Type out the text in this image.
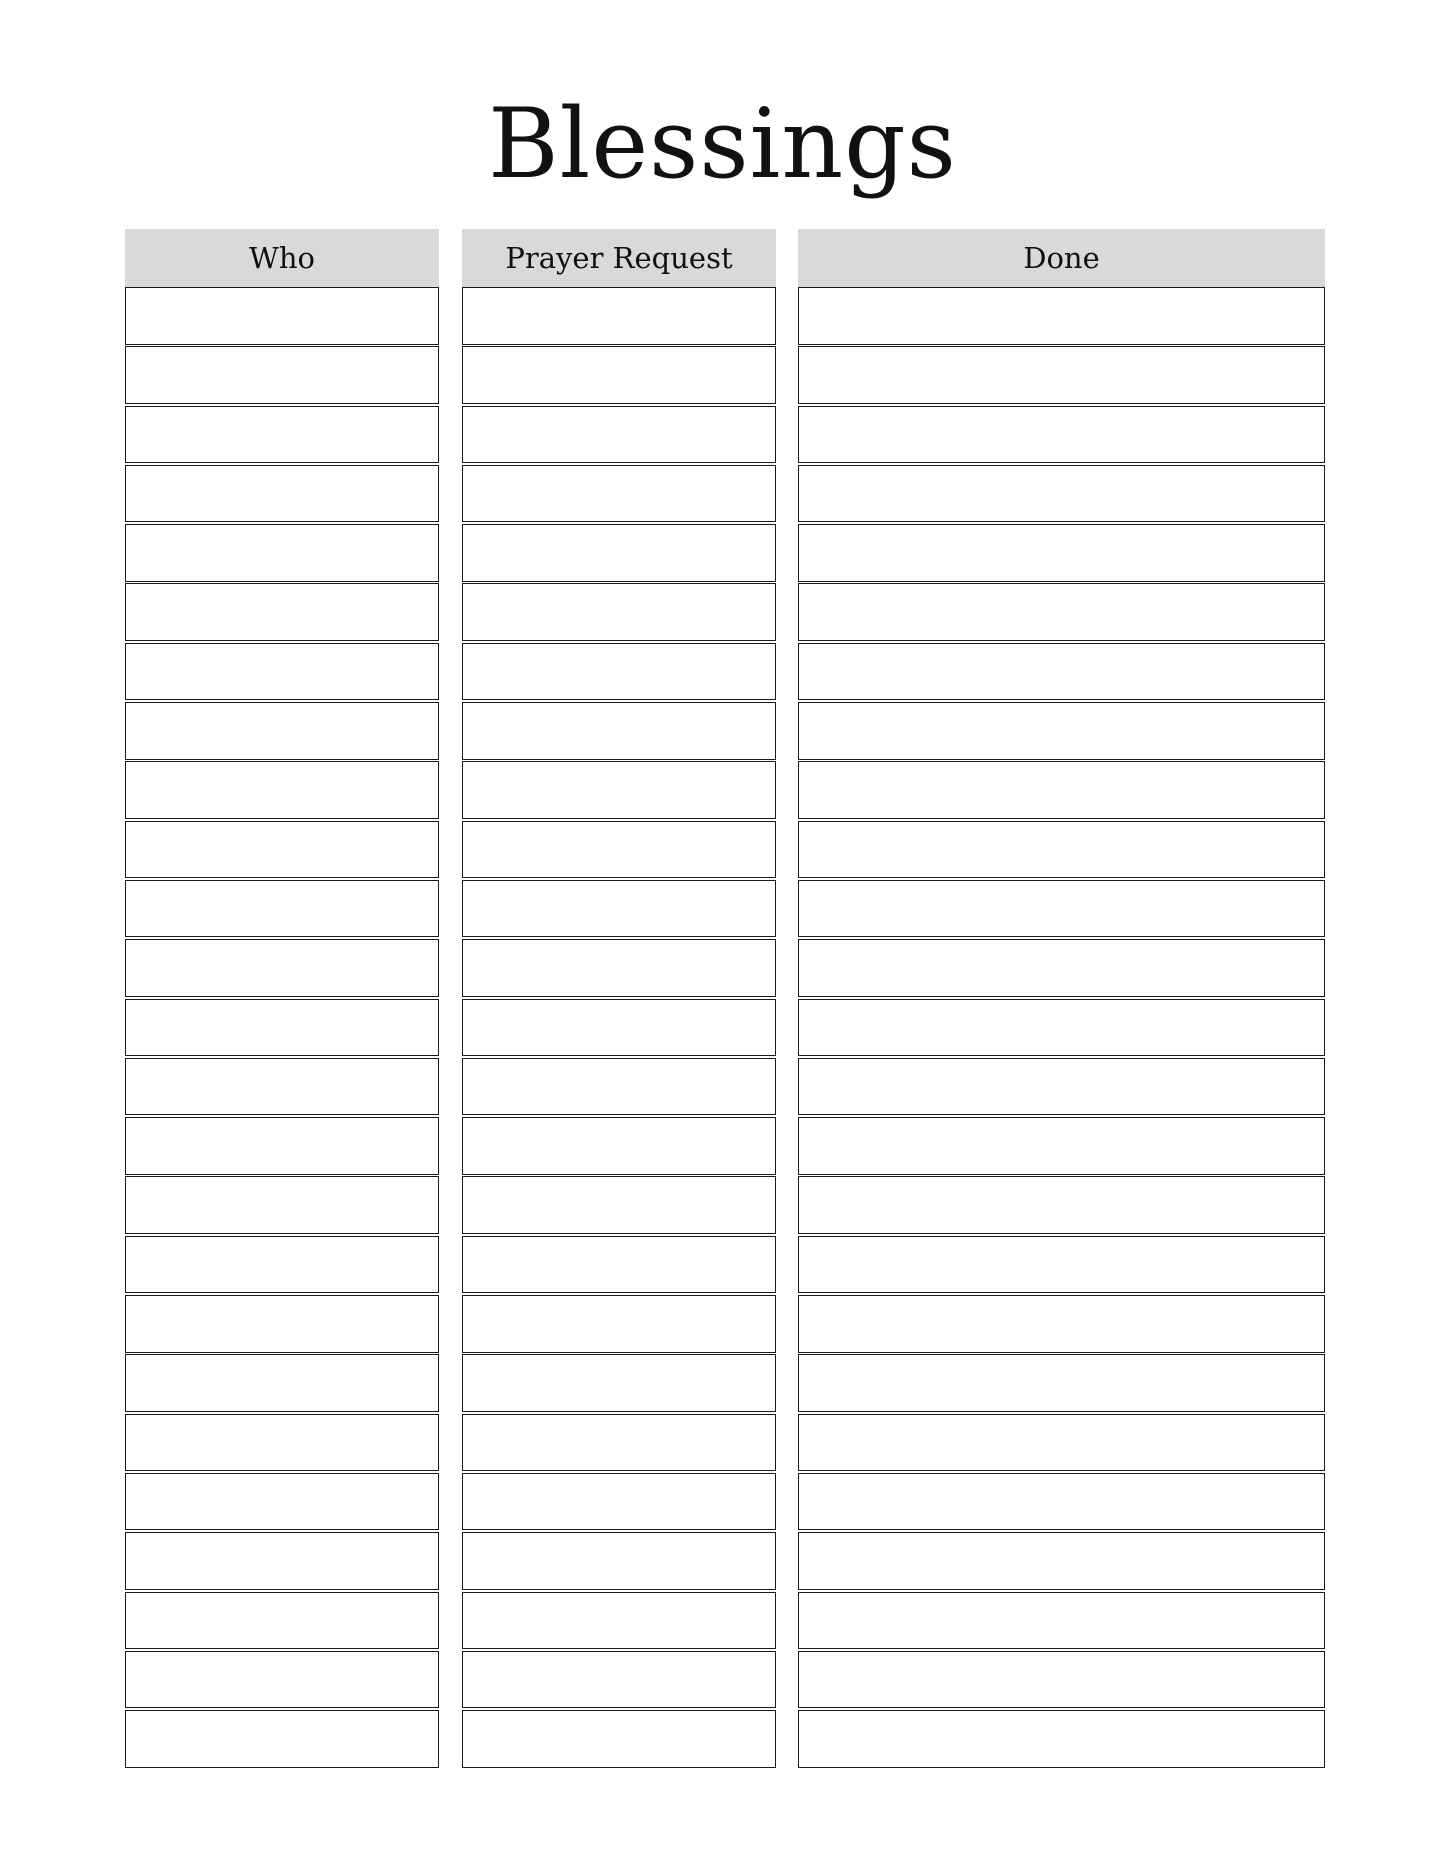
Blessings
Who	Prayer Request	Done
